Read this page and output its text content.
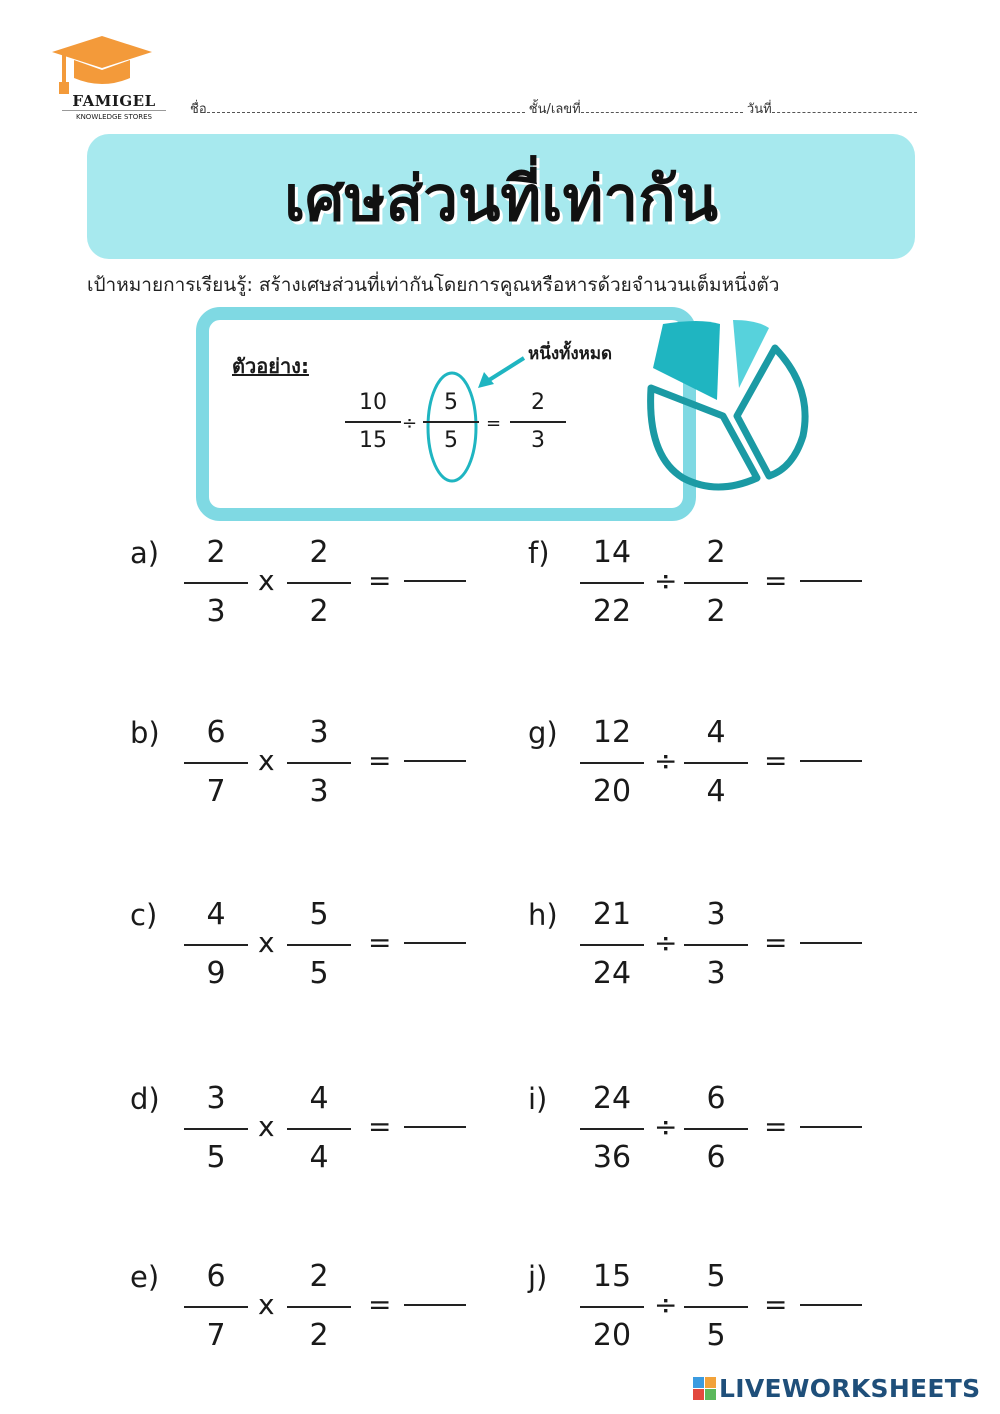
FAMIGEL
KNOWLEDGE STORES	ชื่อ	ชั้น/เลขที่	วันที่
เศษส่วนที่เท่ากัน
เป้าหมายการเรียนรู้: สร้างเศษส่วนที่เท่ากันโดยการคูณหรือหารด้วยจำนวนเต็มหนึ่งตัว
ตัวอย่าง:	หนึ่งทั้งหมด
10
15
÷
5
5
=
2
3
a)	2
3
x
2
2
=
b)	6
7
x
3
3
=
c)	4
9
x
5
5
=
d)	3
5
x
4
4
=
e)	6
7
x
2
2
=
f)	14
22
÷
2
2
=
g)	12
20
÷
4
4
=
h)	21
24
÷
3
3
=
i)	24
36
÷
6
6
=
j)	15
20
÷
5
5
=
LIVEWORKSHEETS
